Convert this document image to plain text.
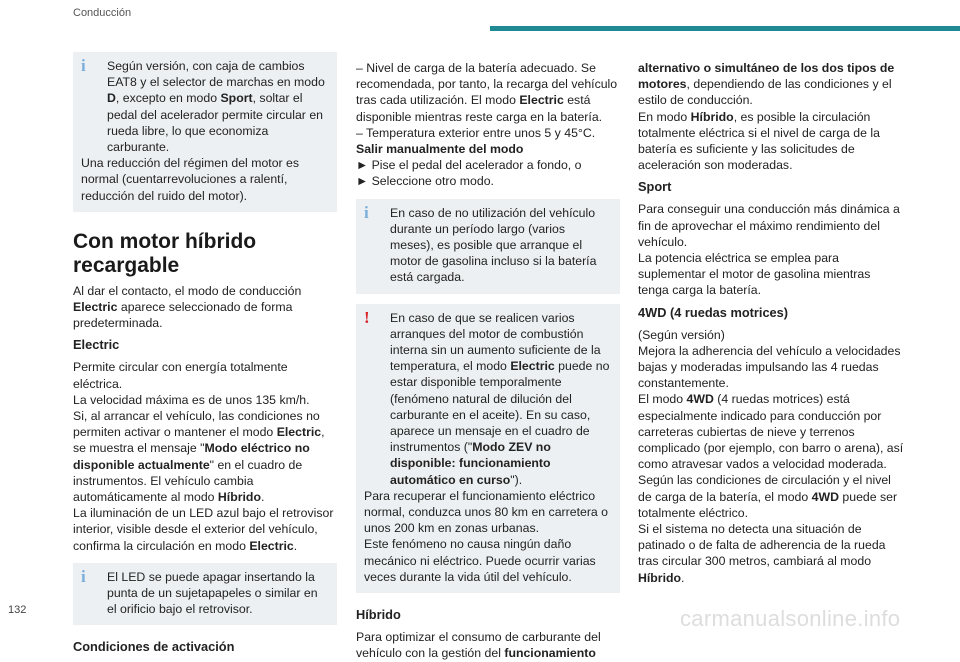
Conducción

i Según versión, con caja de cambios EAT8 y el selector de marchas en modo D, excepto en modo Sport, soltar el pedal del acelerador permite circular en rueda libre, lo que economiza carburante.

Una reducción del régimen del motor es normal (cuentarrevoluciones a ralentí, reducción del ruido del motor).

Con motor híbrido recargable

Al dar el contacto, el modo de conducción Electric aparece seleccionado de forma predeterminada.

Electric

Permite circular con energía totalmente eléctrica.

La velocidad máxima es de unos 135 km/h.

Si, al arrancar el vehículo, las condiciones no permiten activar o mantener el modo Electric, se muestra el mensaje "Modo eléctrico no disponible actualmente" en el cuadro de instrumentos. El vehículo cambia automáticamente al modo Híbrido.

La iluminación de un LED azul bajo el retrovisor interior, visible desde el exterior del vehículo, confirma la circulación en modo Electric.

i El LED se puede apagar insertando la punta de un sujetapapeles o similar en el orificio bajo el retrovisor.

Condiciones de activación

– Nivel de carga de la batería adecuado. Se recomendada, por tanto, la recarga del vehículo tras cada utilización. El modo Electric está disponible mientras reste carga en la batería.

– Temperatura exterior entre unos 5 y 45°C.

Salir manualmente del modo

► Pise el pedal del acelerador a fondo, o

► Seleccione otro modo.

i En caso de no utilización del vehículo durante un período largo (varios meses), es posible que arranque el motor de gasolina incluso si la batería está cargada.

! En caso de que se realicen varios arranques del motor de combustión interna sin un aumento suficiente de la temperatura, el modo Electric puede no estar disponible temporalmente (fenómeno natural de dilución del carburante en el aceite). En su caso, aparece un mensaje en el cuadro de instrumentos ("Modo ZEV no disponible: funcionamiento automático en curso").

Para recuperar el funcionamiento eléctrico normal, conduzca unos 80 km en carretera o unos 200 km en zonas urbanas.

Este fenómeno no causa ningún daño mecánico ni eléctrico. Puede ocurrir varias veces durante la vida útil del vehículo.

Híbrido

Para optimizar el consumo de carburante del vehículo con la gestión del funcionamiento

alternativo o simultáneo de los dos tipos de motores, dependiendo de las condiciones y el estilo de conducción.

En modo Híbrido, es posible la circulación totalmente eléctrica si el nivel de carga de la batería es suficiente y las solicitudes de aceleración son moderadas.

Sport

Para conseguir una conducción más dinámica a fin de aprovechar el máximo rendimiento del vehículo.

La potencia eléctrica se emplea para suplementar el motor de gasolina mientras tenga carga la batería.

4WD (4 ruedas motrices)

(Según versión)

Mejora la adherencia del vehículo a velocidades bajas y moderadas impulsando las 4 ruedas constantemente.

El modo 4WD (4 ruedas motrices) está especialmente indicado para conducción por carreteras cubiertas de nieve y terrenos complicado (por ejemplo, con barro o arena), así como atravesar vados a velocidad moderada.

Según las condiciones de circulación y el nivel de carga de la batería, el modo 4WD puede ser totalmente eléctrico.

Si el sistema no detecta una situación de patinado o de falta de adherencia de la rueda tras circular 300 metros, cambiará al modo Híbrido.

132	carmanualsonline.info
